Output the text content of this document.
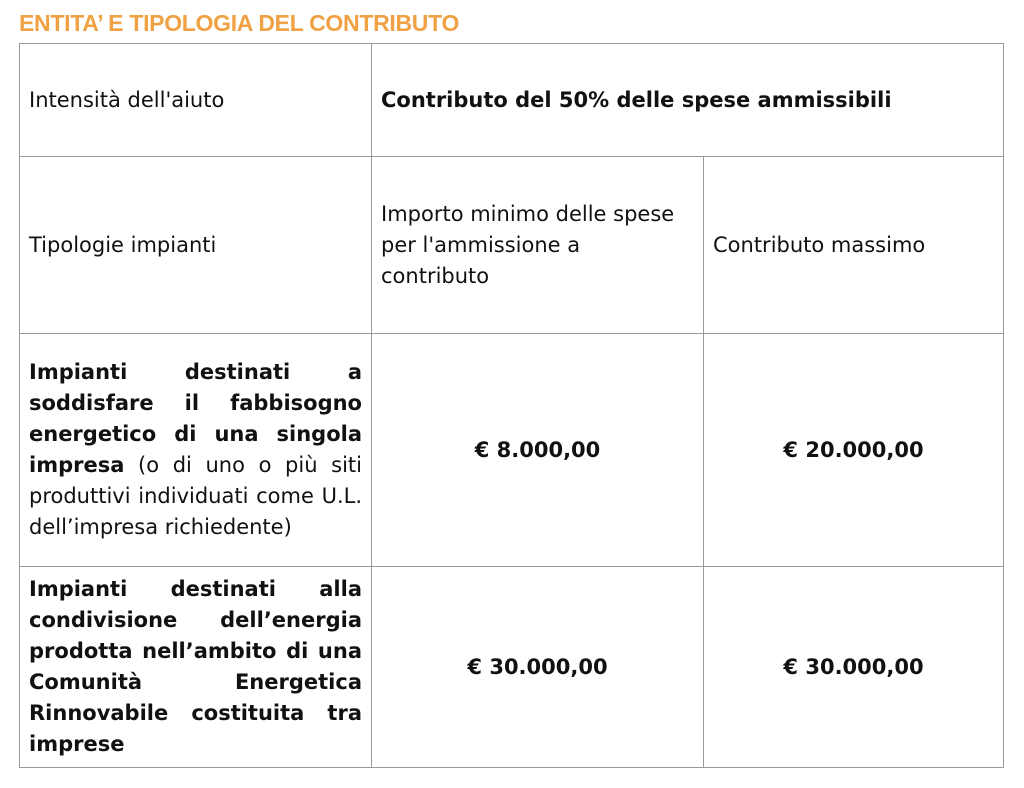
ENTITA’ E TIPOLOGIA DEL CONTRIBUTO
Intensità dell'aiuto	Contributo del 50% delle spese ammissibili	
Tipologie impianti	Importo minimo delle spese per l'ammissione a contributo	Contributo massimo
Impianti destinati a soddisfare il fabbisogno energetico di una singola impresa (o di uno o più siti produttivi individuati come U.L. dell’impresa richiedente)	€ 8.000,00	€ 20.000,00
Impianti destinati alla condivisione dell’energia prodotta nell’ambito di una Comunità Energetica Rinnovabile costituita tra imprese	€ 30.000,00	€ 30.000,00
